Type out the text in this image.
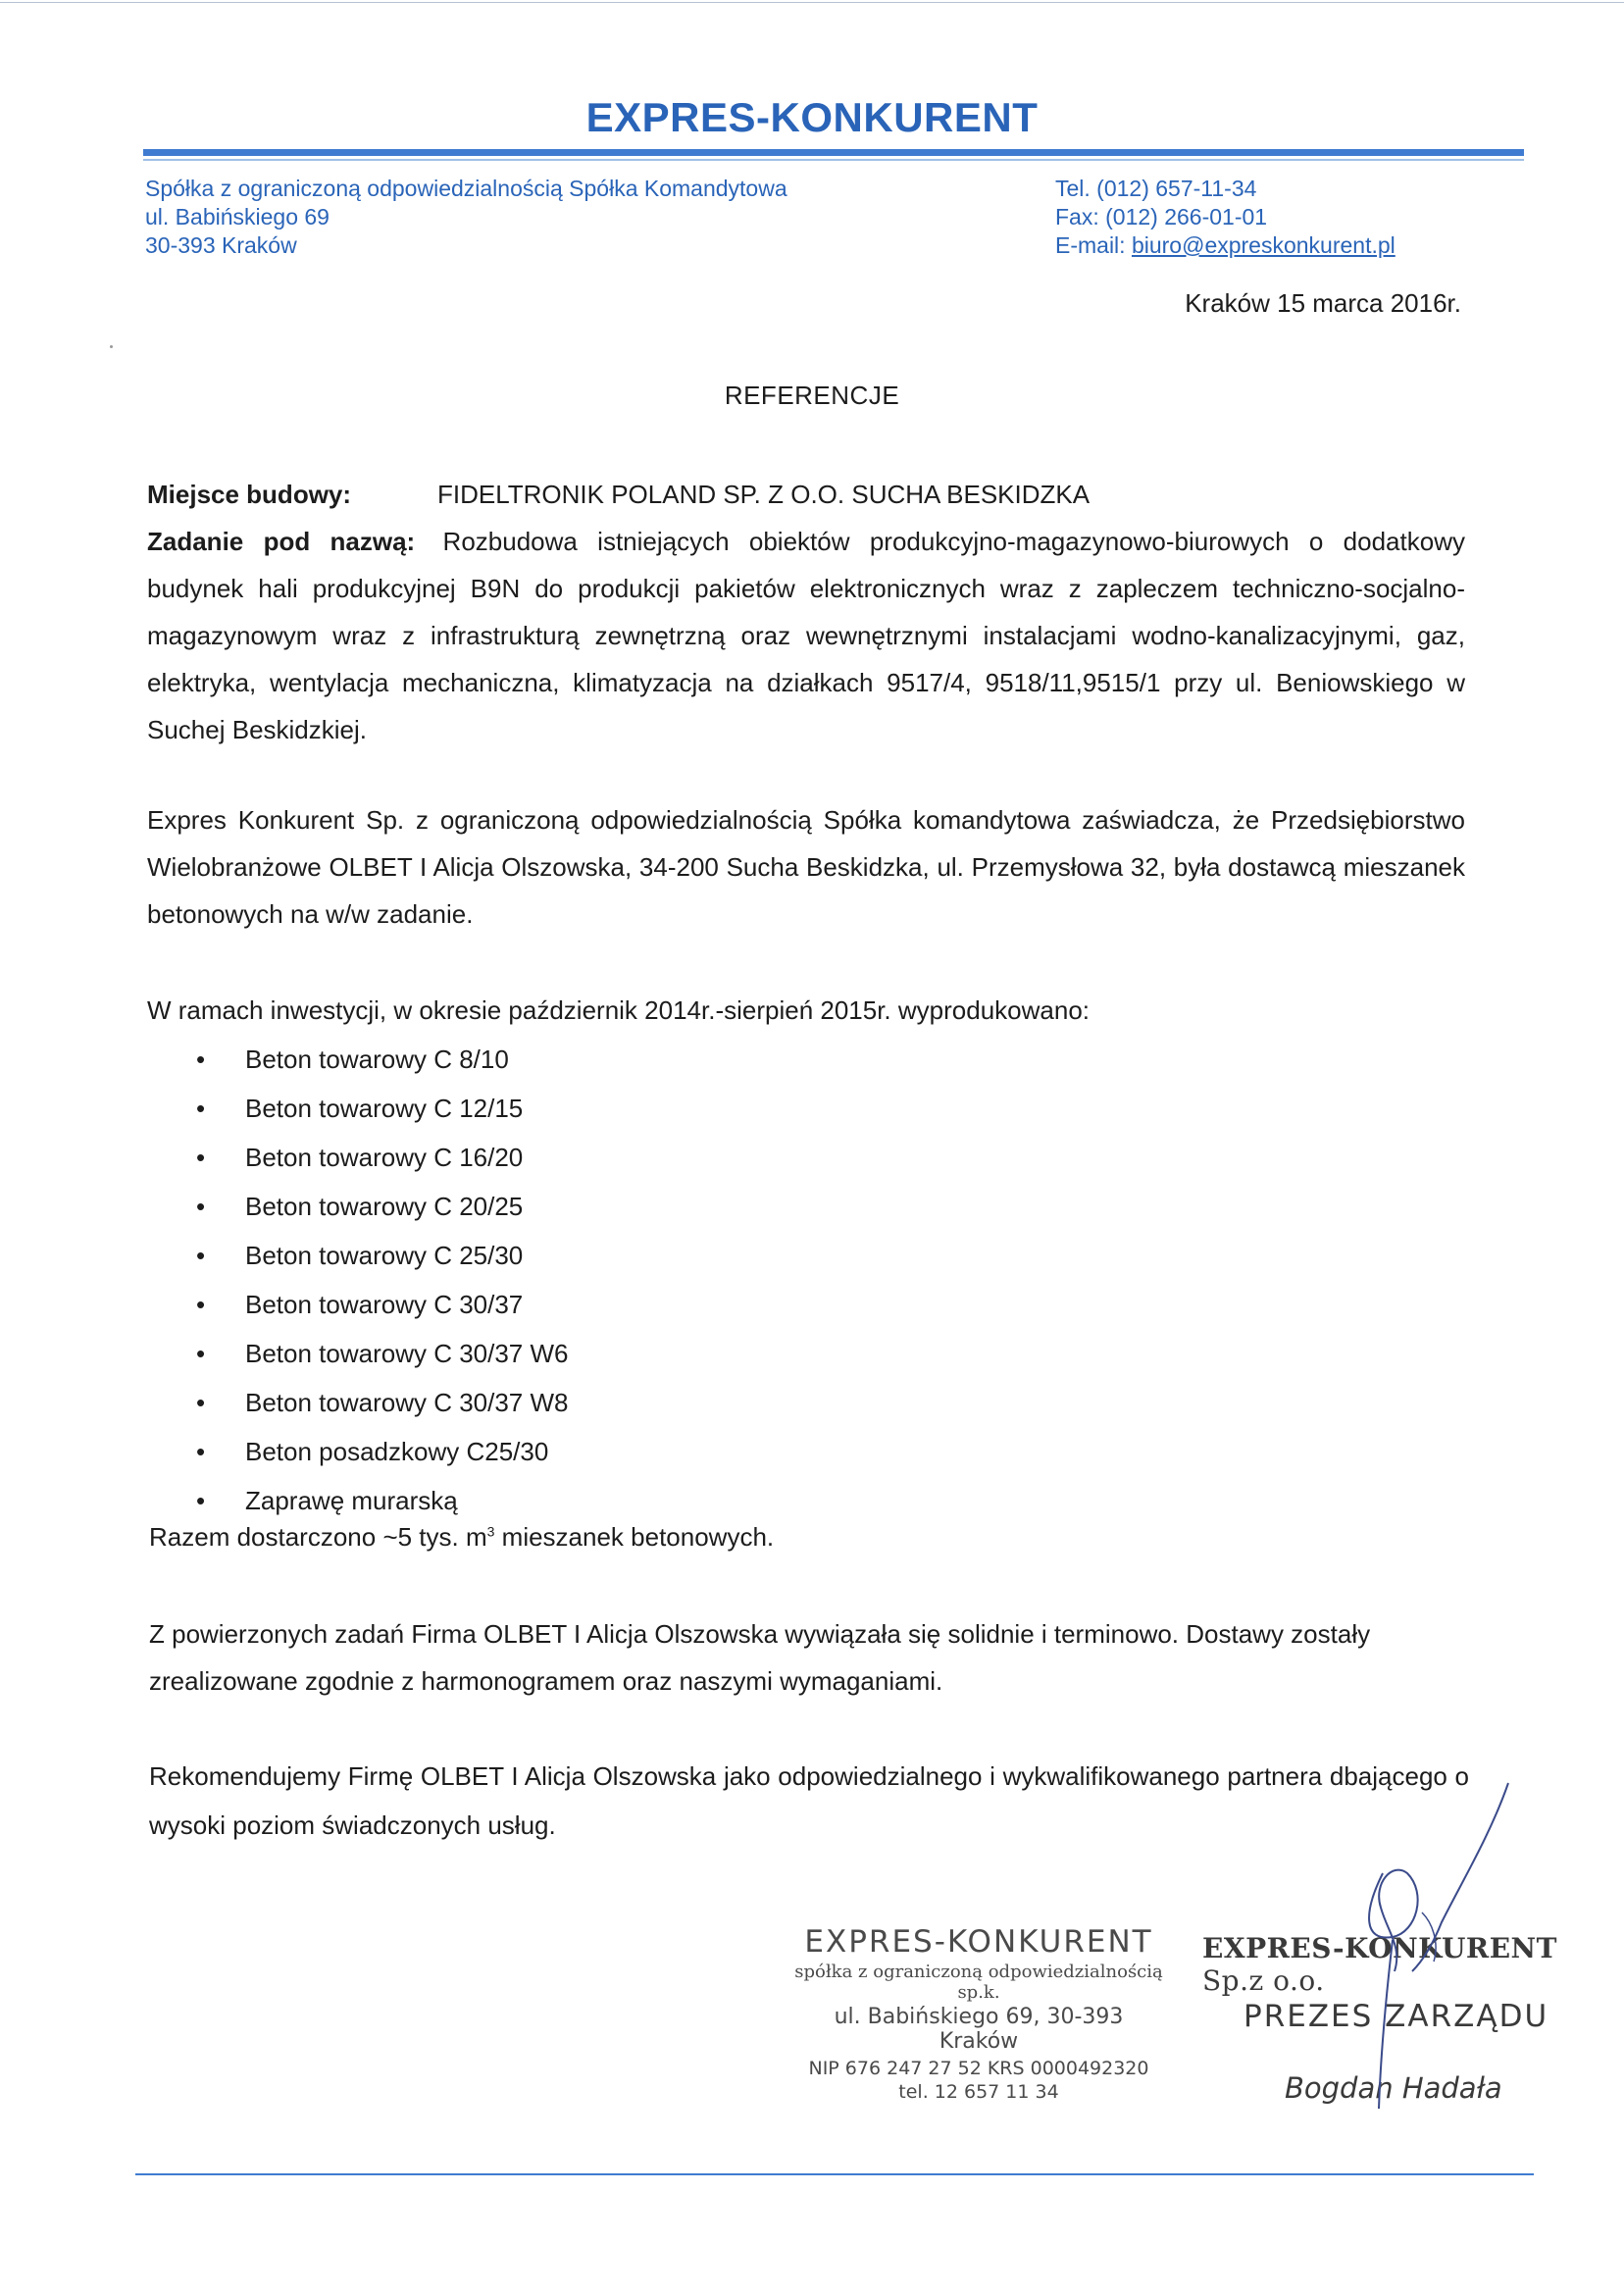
EXPRES-KONKURENT
Spółka z ograniczoną odpowiedzialnością Spółka Komandytowa
ul. Babińskiego 69
30-393 Kraków
Tel. (012) 657-11-34
Fax: (012) 266-01-01
E-mail: biuro@expreskonkurent.pl
Kraków 15 marca 2016r.
REFERENCJE
Miejsce budowy:	FIDELTRONIK POLAND SP. Z O.O. SUCHA BESKIDZKA
Zadanie pod nazwą: Rozbudowa istniejących obiektów produkcyjno-magazynowo-biurowych o dodatkowy budynek hali produkcyjnej B9N do produkcji pakietów elektronicznych wraz z zapleczem techniczno-socjalno-magazynowym wraz z infrastrukturą zewnętrzną oraz wewnętrznymi instalacjami wodno-kanalizacyjnymi, gaz, elektryka, wentylacja mechaniczna, klimatyzacja na działkach 9517/4, 9518/11,9515/1 przy ul. Beniowskiego w Suchej Beskidzkiej.
Expres Konkurent Sp. z ograniczoną odpowiedzialnością Spółka komandytowa zaświadcza, że Przedsiębiorstwo Wielobranżowe OLBET I Alicja Olszowska, 34-200 Sucha Beskidzka, ul. Przemysłowa 32, była dostawcą mieszanek betonowych na w/w zadanie.
W ramach inwestycji, w okresie październik 2014r.-sierpień 2015r. wyprodukowano:
• Beton towarowy C 8/10
• Beton towarowy C 12/15
• Beton towarowy C 16/20
• Beton towarowy C 20/25
• Beton towarowy C 25/30
• Beton towarowy C 30/37
• Beton towarowy C 30/37 W6
• Beton towarowy C 30/37 W8
• Beton posadzkowy C25/30
• Zaprawę murarską
Razem dostarczono ~5 tys. $m^3$ mieszanek betonowych.
Z powierzonych zadań Firma OLBET I Alicja Olszowska wywiązała się solidnie i terminowo. Dostawy zostały zrealizowane zgodnie z harmonogramem oraz naszymi wymaganiami.
Rekomendujemy Firmę OLBET I Alicja Olszowska jako odpowiedzialnego i wykwalifikowanego partnera dbającego o wysoki poziom świadczonych usług.
EXPRES-KONKURENT
spółka z ograniczoną odpowiedzialnością sp.k.
ul. Babińskiego 69, 30-393 Kraków
NIP 676 247 27 52 KRS 0000492320
tel. 12 657 11 34
EXPRES-KONKURENT Sp.z o.o.
PREZES ZARZĄDU
Bogdan Hadała
